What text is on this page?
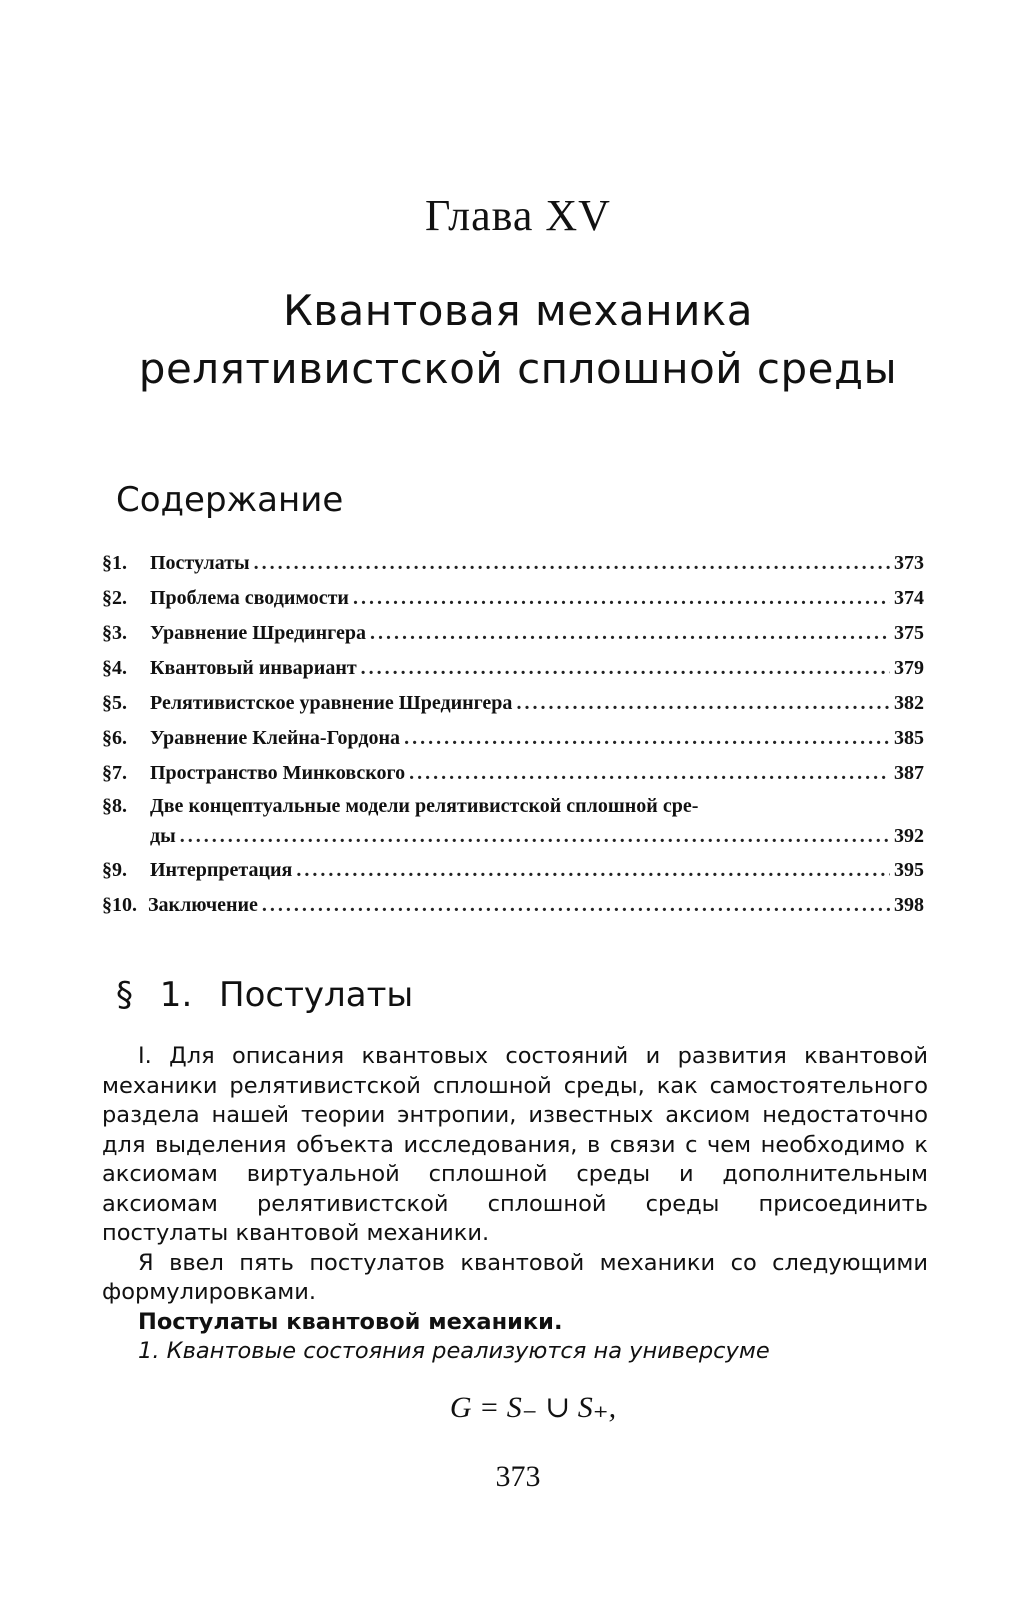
Глава XV
Квантовая механика
релятивистской сплошной среды
Содержание
§1.	Постулаты .....	373
§2.	Проблема сводимости .....	374
§3.	Уравнение Шредингера .....	375
§4.	Квантовый инвариант .....	379
§5.	Релятивистское уравнение Шредингера .....	382
§6.	Уравнение Клейна-Гордона .....	385
§7.	Пространство Минковского .....	387
§8.	Две концептуальные модели релятивистской сплошной сре-
ды .....	392
§9.	Интерпретация .....	395
§10. Заключение .....	398
§ 1. Постулаты

I. Для описания квантовых состояний и развития квантовой механики релятивистской сплошной среды, как самостоятельного раздела нашей теории энтропии, известных аксиом недостаточно для выделения объекта исследования, в связи с чем необходимо к аксиомам виртуальной сплошной среды и дополнительным аксиомам релятивистской сплошной среды присоединить постулаты квантовой механики.

Я ввел пять постулатов квантовой механики со следующими формулировками.

Постулаты квантовой механики.

1. Квантовые состояния реализуются на универсуме

G = S₋ ∪ S₊,
373
